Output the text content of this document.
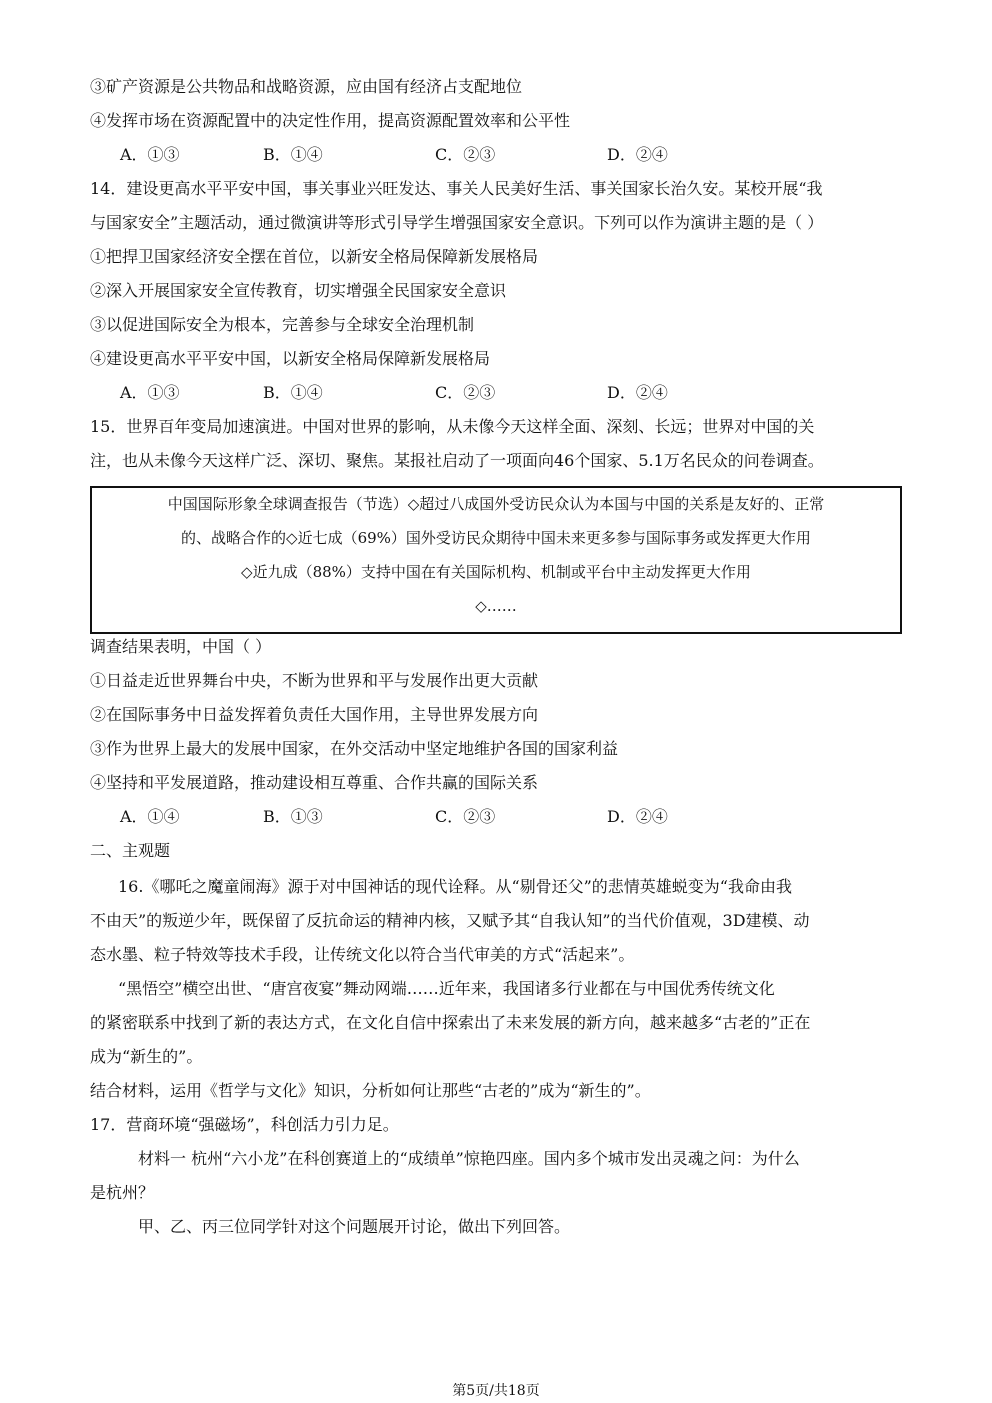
③矿产资源是公共物品和战略资源，应由国有经济占支配地位
④发挥市场在资源配置中的决定性作用，提高资源配置效率和公平性
A．①③	B．①④	C．②③	D．②④
14．建设更高水平平安中国，事关事业兴旺发达、事关人民美好生活、事关国家长治久安。某校开展“我
与国家安全”主题活动，通过微演讲等形式引导学生增强国家安全意识。下列可以作为演讲主题的是（ ）
①把捍卫国家经济安全摆在首位，以新安全格局保障新发展格局
②深入开展国家安全宣传教育，切实增强全民国家安全意识
③以促进国际安全为根本，完善参与全球安全治理机制
④建设更高水平平安中国，以新安全格局保障新发展格局
A．①③	B．①④	C．②③	D．②④
15．世界百年变局加速演进。中国对世界的影响，从未像今天这样全面、深刻、长远；世界对中国的关
注，也从未像今天这样广泛、深切、聚焦。某报社启动了一项面向46个国家、5.1万名民众的问卷调查。
中国国际形象全球调查报告（节选）◇超过八成国外受访民众认为本国与中国的关系是友好的、正常
的、战略合作的◇近七成（69%）国外受访民众期待中国未来更多参与国际事务或发挥更大作用
◇近九成（88%）支持中国在有关国际机构、机制或平台中主动发挥更大作用
◇……
调查结果表明，中国（ ）
①日益走近世界舞台中央，不断为世界和平与发展作出更大贡献
②在国际事务中日益发挥着负责任大国作用，主导世界发展方向
③作为世界上最大的发展中国家，在外交活动中坚定地维护各国的国家利益
④坚持和平发展道路，推动建设相互尊重、合作共赢的国际关系
A．①④	B．①③	C．②③	D．②④
二、主观题
16.《哪吒之魔童闹海》源于对中国神话的现代诠释。从“剔骨还父”的悲情英雄蜕变为“我命由我
不由天”的叛逆少年，既保留了反抗命运的精神内核，又赋予其“自我认知”的当代价值观，3D建模、动
态水墨、粒子特效等技术手段，让传统文化以符合当代审美的方式“活起来”。
“黑悟空”横空出世、“唐宫夜宴”舞动网端……近年来，我国诸多行业都在与中国优秀传统文化
的紧密联系中找到了新的表达方式，在文化自信中探索出了未来发展的新方向，越来越多“古老的”正在
成为“新生的”。
结合材料，运用《哲学与文化》知识，分析如何让那些“古老的”成为“新生的”。
17．营商环境“强磁场”，科创活力引力足。
材料一 杭州“六小龙”在科创赛道上的“成绩单”惊艳四座。国内多个城市发出灵魂之问：为什么
是杭州？
甲、乙、丙三位同学针对这个问题展开讨论，做出下列回答。
第5页/共18页
